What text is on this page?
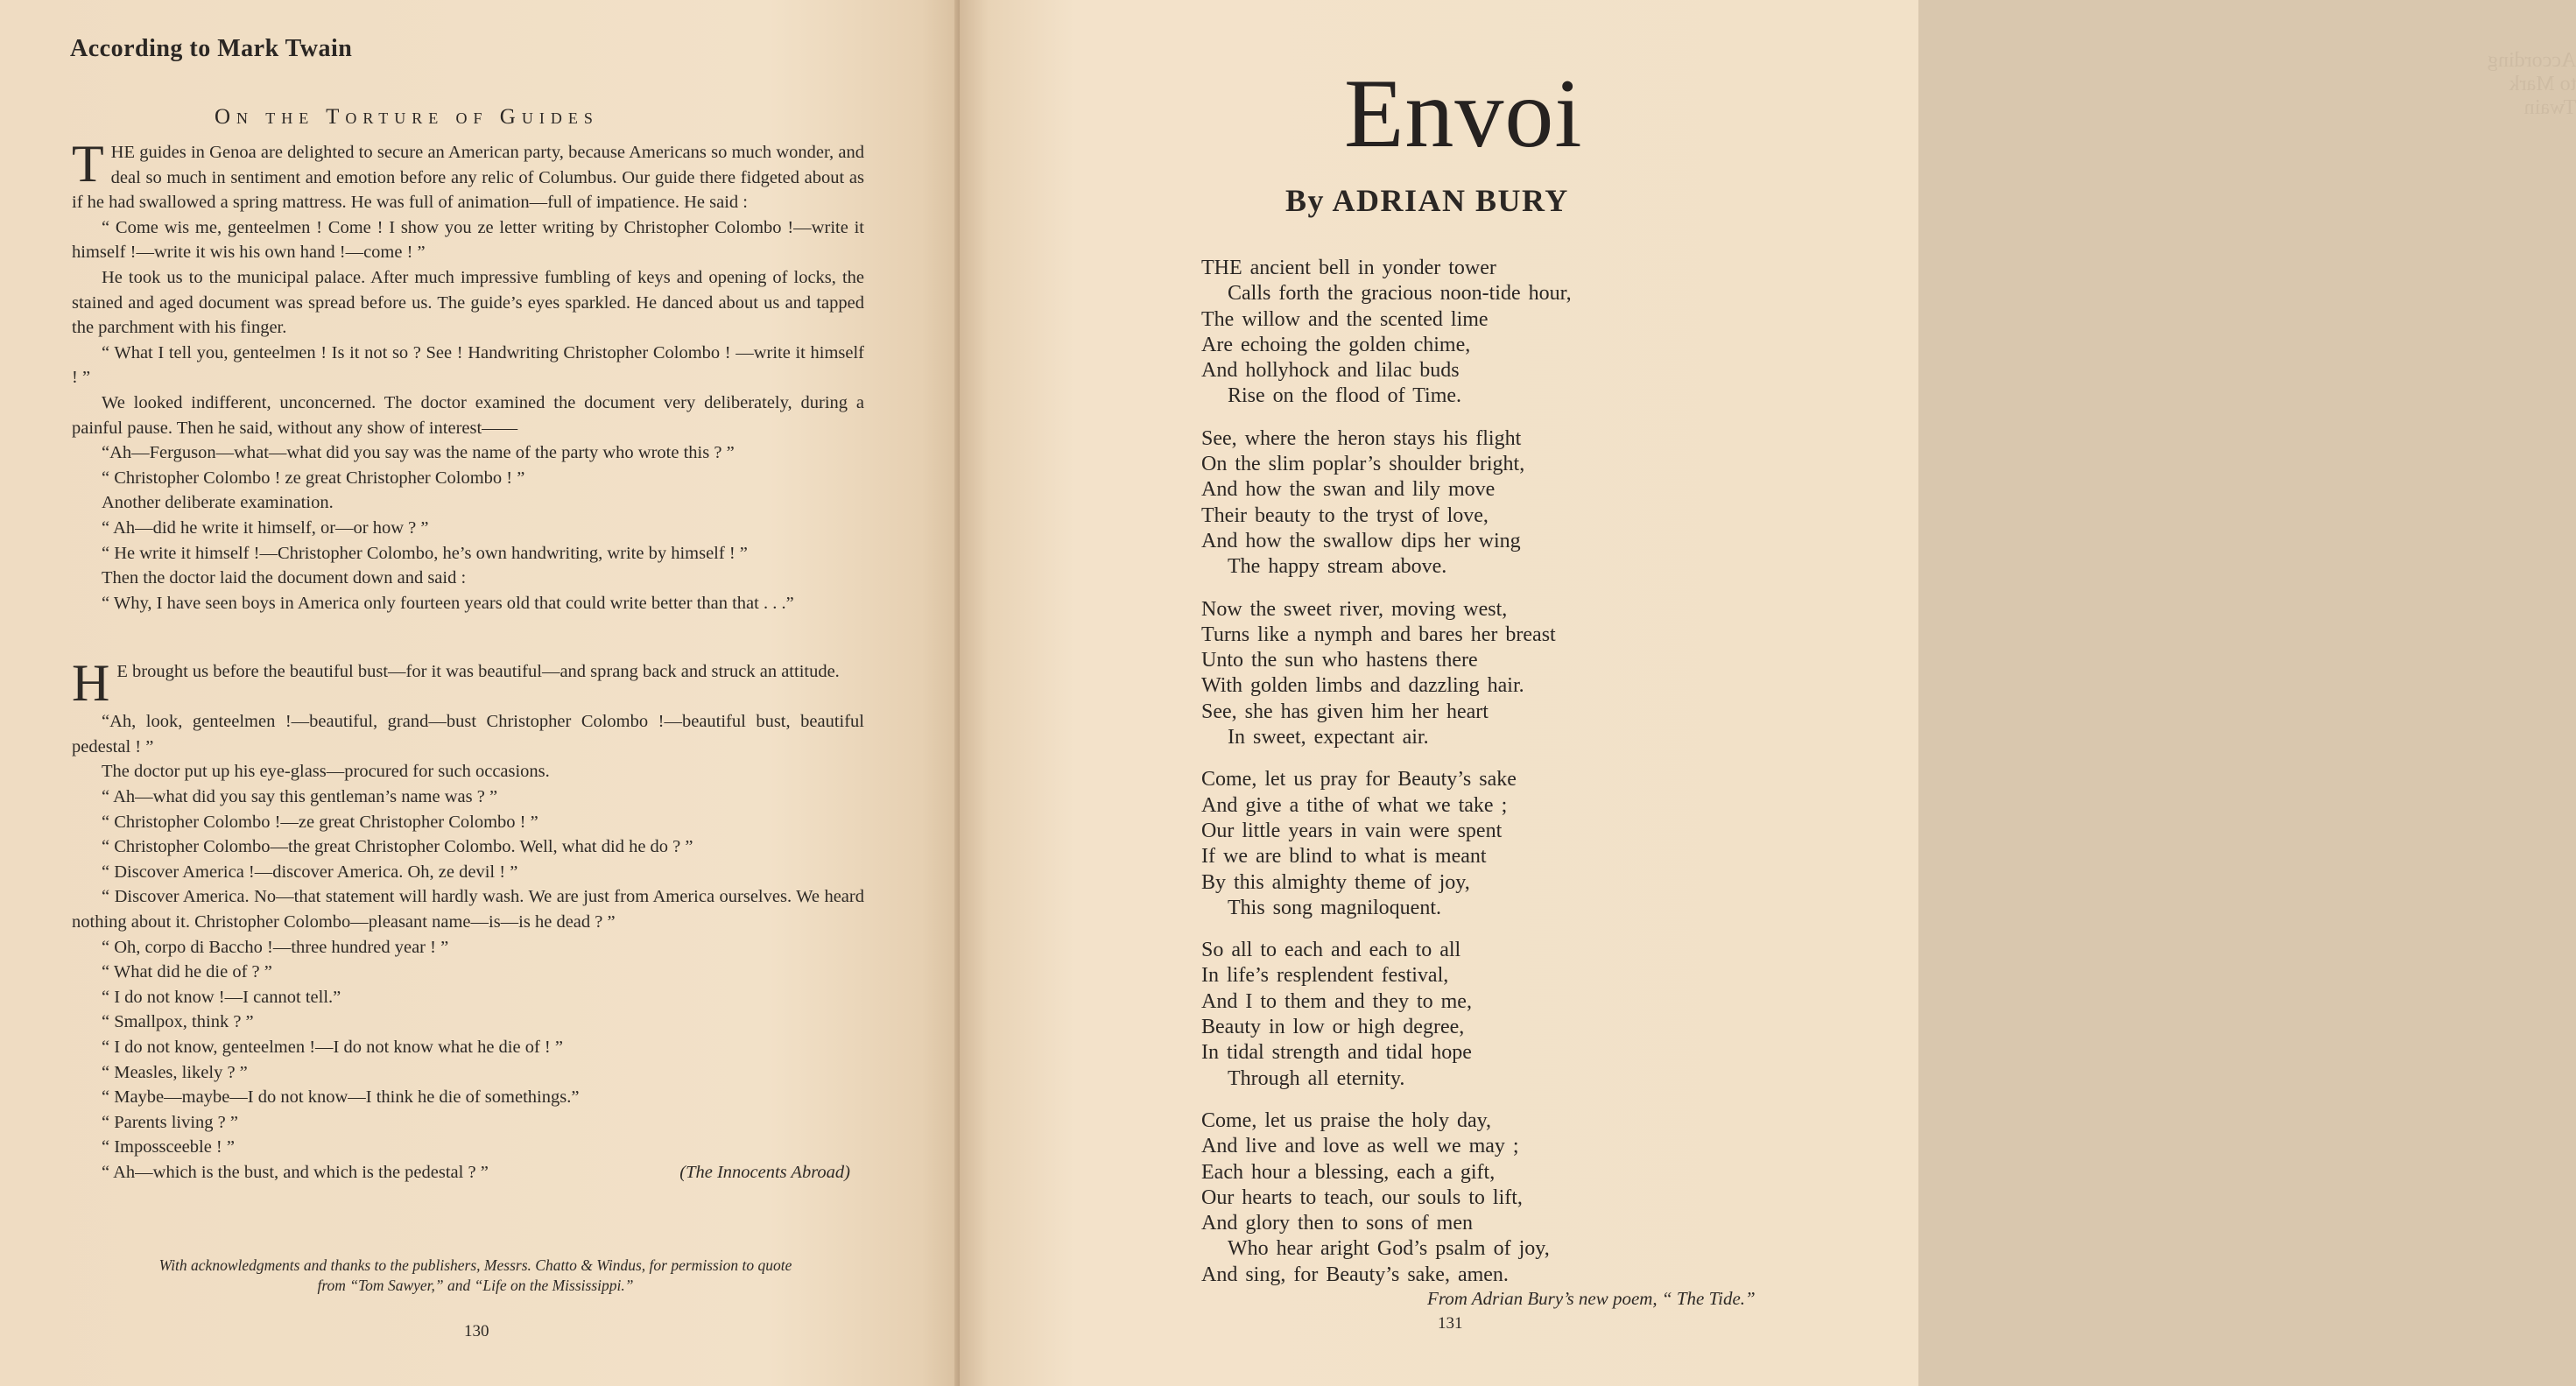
According to Mark Twain
On the Torture of Guides
T HE guides in Genoa are delighted to secure an American party, because Americans so much wonder, and deal so much in sentiment and emotion before any relic of Columbus. Our guide there fidgeted about as if he had swallowed a spring mattress. He was full of animation—full of impatience. He said :

“ Come wis me, genteelmen ! Come ! I show you ze letter writing by Christopher Colombo !—write it himself !—write it wis his own hand !—come ! ”

He took us to the municipal palace. After much impressive fumbling of keys and opening of locks, the stained and aged document was spread before us. The guide’s eyes sparkled. He danced about us and tapped the parchment with his finger.

“ What I tell you, genteelmen ! Is it not so ? See ! Handwriting Christopher Colombo ! —write it himself ! ”

We looked indifferent, unconcerned. The doctor examined the document very deliberately, during a painful pause. Then he said, without any show of interest——

“Ah—Ferguson—what—what did you say was the name of the party who wrote this ? ”

“ Christopher Colombo ! ze great Christopher Colombo ! ”

Another deliberate examination.

“ Ah—did he write it himself, or—or how ? ”

“ He write it himself !—Christopher Colombo, he’s own handwriting, write by himself ! ”

Then the doctor laid the document down and said :

“ Why, I have seen boys in America only fourteen years old that could write better than that . . .”

H E brought us before the beautiful bust—for it was beautiful—and sprang back and struck an attitude.

“Ah, look, genteelmen !—beautiful, grand—bust Christopher Colombo !—beautiful bust, beautiful pedestal ! ”

The doctor put up his eye-glass—procured for such occasions.

“ Ah—what did you say this gentleman’s name was ? ”

“ Christopher Colombo !—ze great Christopher Colombo ! ”

“ Christopher Colombo—the great Christopher Colombo. Well, what did he do ? ”

“ Discover America !—discover America. Oh, ze devil ! ”

“ Discover America. No—that statement will hardly wash. We are just from America ourselves. We heard nothing about it. Christopher Colombo—pleasant name—is—is he dead ? ”

“ Oh, corpo di Baccho !—three hundred year ! ”

“ What did he die of ? ”

“ I do not know !—I cannot tell.”

“ Smallpox, think ? ”

“ I do not know, genteelmen !—I do not know what he die of ! ”

“ Measles, likely ? ”

“ Maybe—maybe—I do not know—I think he die of somethings.”

“ Parents living ? ”

“ Impossceeble ! ”

“ Ah—which is the bust, and which is the pedestal ? ”	(The Innocents Abroad)
With acknowledgments and thanks to the publishers, Messrs. Chatto & Windus, for permission to quote
from “Tom Sawyer,” and “Life on the Mississippi.”
130
According to Mark Twain
Envoi
By ADRIAN BURY
THE ancient bell in yonder tower
Calls forth the gracious noon-tide hour,
The willow and the scented lime
Are echoing the golden chime,
And hollyhock and lilac buds
Rise on the flood of Time.
See, where the heron stays his flight
On the slim poplar’s shoulder bright,
And how the swan and lily move
Their beauty to the tryst of love,
And how the swallow dips her wing
The happy stream above.
Now the sweet river, moving west,
Turns like a nymph and bares her breast
Unto the sun who hastens there
With golden limbs and dazzling hair.
See, she has given him her heart
In sweet, expectant air.
Come, let us pray for Beauty’s sake
And give a tithe of what we take ;
Our little years in vain were spent
If we are blind to what is meant
By this almighty theme of joy,
This song magniloquent.
So all to each and each to all
In life’s resplendent festival,
And I to them and they to me,
Beauty in low or high degree,
In tidal strength and tidal hope
Through all eternity.
Come, let us praise the holy day,
And live and love as well we may ;
Each hour a blessing, each a gift,
Our hearts to teach, our souls to lift,
And glory then to sons of men
Who hear aright God’s psalm of joy,
And sing, for Beauty’s sake, amen.
From Adrian Bury’s new poem, “ The Tide.”
131
